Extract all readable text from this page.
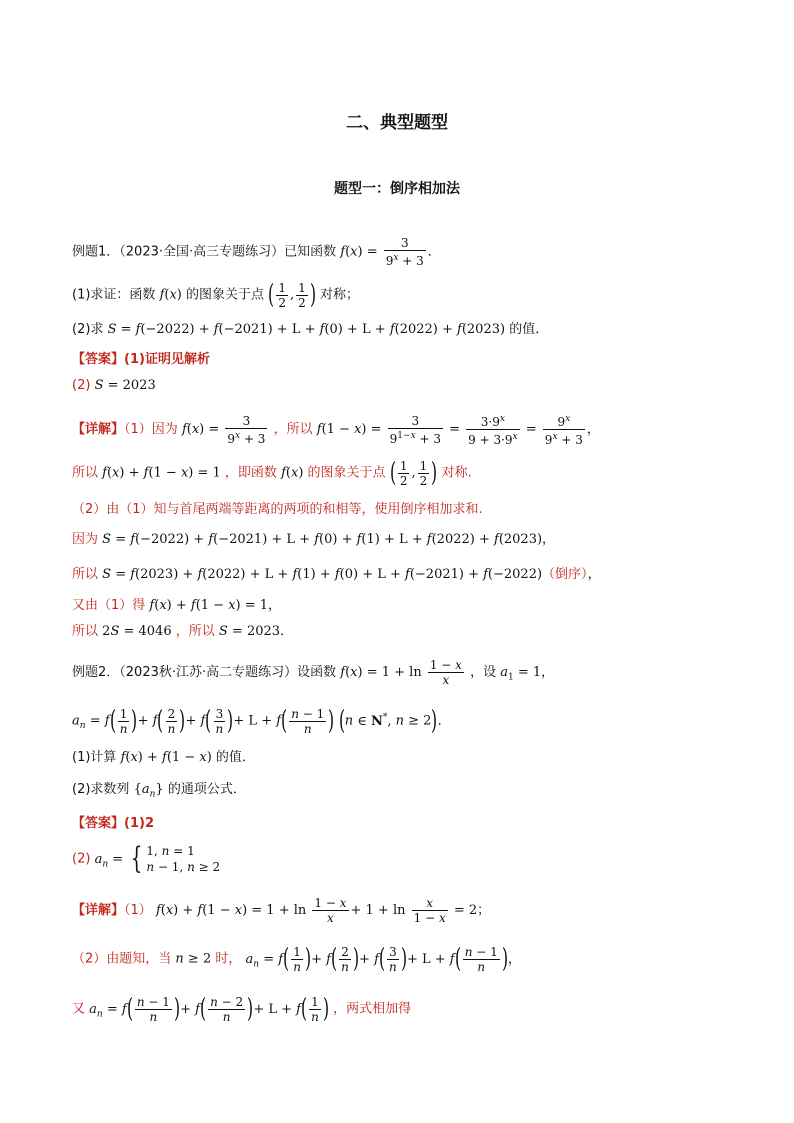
二、典型题型
题型一：倒序相加法
例题1．（2023·全国·高三专题练习）已知函数 $f(x) = \frac{3}{9^x + 3}$ ．
(1)求证：函数 f(x) 的图象关于点 ( $\frac{1}{2}$ , $\frac{1}{2}$ ) 对称；
(2)求 S = f(−2022) + f(−2021) + L + f(0) + L + f(2022) + f(2023) 的值．
【答案】(1)证明见解析
(2) S = 2023
【详解】（1）因为 $f(x) = \frac{3}{9^x + 3}$ ，所以 $f(1 - x) = \frac{3}{9^{1-x} + 3} = \frac{3\cdot 9^x}{9 + 3\cdot 9^x} = \frac{9^x}{9^x + 3}$ ，
所以 f(x) + f(1 − x) = 1 ，即函数 f(x) 的图象关于点 ( $\frac{1}{2}$ , $\frac{1}{2}$ ) 对称.
（2）由（1）知与首尾两端等距离的两项的和相等，使用倒序相加求和.
因为 S = f(−2022) + f(−2021) + L + f(0) + f(1) + L + f(2022) + f(2023)，
所以 S = f(2023) + f(2022) + L + f(1) + f(0) + L + f(−2021) + f(−2022)（倒序），
又由（1）得 f(x) + f(1 − x) = 1，
所以 2S = 4046 ，所以 S = 2023．
例题2．（2023秋·江苏·高二专题练习）设函数 $f(x) = 1 + \ln \frac{1 - x}{x}$ ，设 $a_1 = 1$，
$a_n = f( \frac{1}{n}$ )+ $f( \frac{2}{n}$ )+ $f( \frac{3}{n}$ )+ $L + f( \frac{n - 1}{n}$ ) (n ∈ N*, n ≥ 2)．
(1)计算 f(x) + f(1 − x) 的值．
(2)求数列 $\{a_n\}$ 的通项公式．
【答案】(1)2
(2) $a_n$ = { 1, n = 1
n − 1, n ≥ 2
【详解】（1） $f(x) + f(1 - x) = 1 + \ln \frac{1 - x}{x} + 1 + \ln \frac{x}{1 - x} = 2$；
（2）由题知，当 n ≥ 2 时， $a_n = f( \frac{1}{n}$ )+ $f( \frac{2}{n}$ )+ $f( \frac{3}{n}$ )+ $L + f( \frac{n - 1}{n}$ )，
又 $a_n = f( \frac{n - 1}{n}$ )+ $f( \frac{n - 2}{n}$ )+ $L + f( \frac{1}{n}$ ) ，两式相加得
